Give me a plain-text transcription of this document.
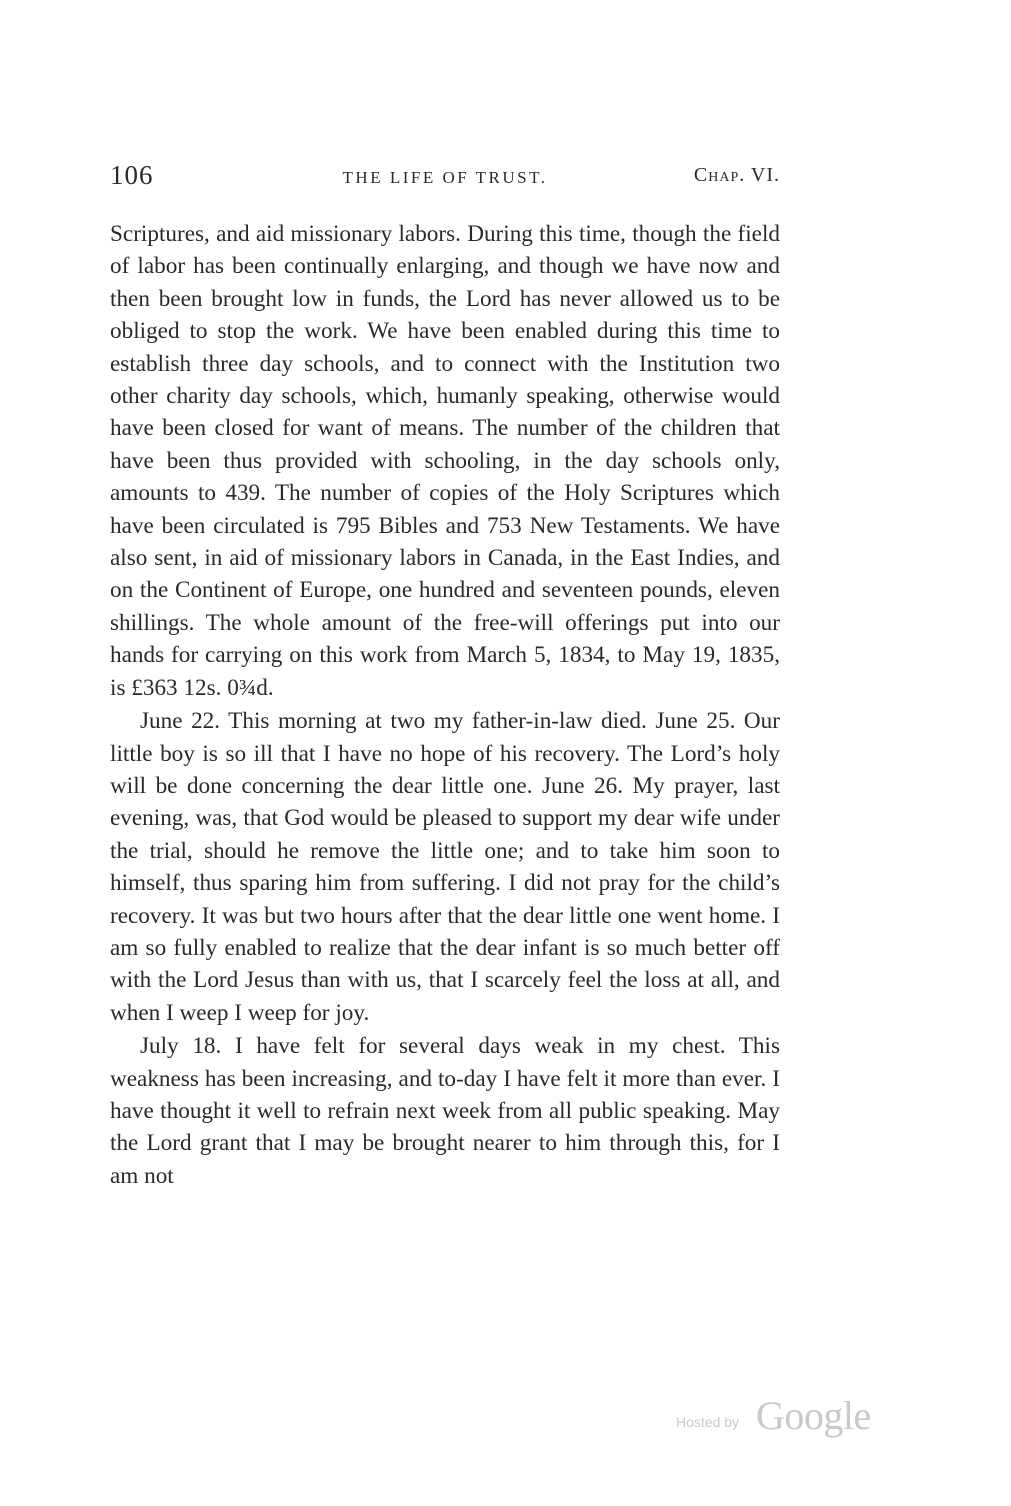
106	THE LIFE OF TRUST.	Chap. VI.

Scriptures, and aid missionary labors. During this time, though the field of labor has been continually enlarging, and though we have now and then been brought low in funds, the Lord has never allowed us to be obliged to stop the work. We have been enabled during this time to establish three day schools, and to connect with the Institution two other charity day schools, which, humanly speaking, otherwise would have been closed for want of means. The number of the children that have been thus provided with schooling, in the day schools only, amounts to 439. The number of copies of the Holy Scriptures which have been circulated is 795 Bibles and 753 New Testaments. We have also sent, in aid of missionary labors in Canada, in the East Indies, and on the Continent of Europe, one hundred and seventeen pounds, eleven shillings. The whole amount of the free-will offerings put into our hands for carrying on this work from March 5, 1834, to May 19, 1835, is £363 12s. 0¾d.

June 22. This morning at two my father-in-law died. June 25. Our little boy is so ill that I have no hope of his recovery. The Lord’s holy will be done concerning the dear little one. June 26. My prayer, last evening, was, that God would be pleased to support my dear wife under the trial, should he remove the little one; and to take him soon to himself, thus sparing him from suffering. I did not pray for the child’s recovery. It was but two hours after that the dear little one went home. I am so fully enabled to realize that the dear infant is so much better off with the Lord Jesus than with us, that I scarcely feel the loss at all, and when I weep I weep for joy.

July 18. I have felt for several days weak in my chest. This weakness has been increasing, and to-day I have felt it more than ever. I have thought it well to refrain next week from all public speaking. May the Lord grant that I may be brought nearer to him through this, for I am not

Hosted by Google
